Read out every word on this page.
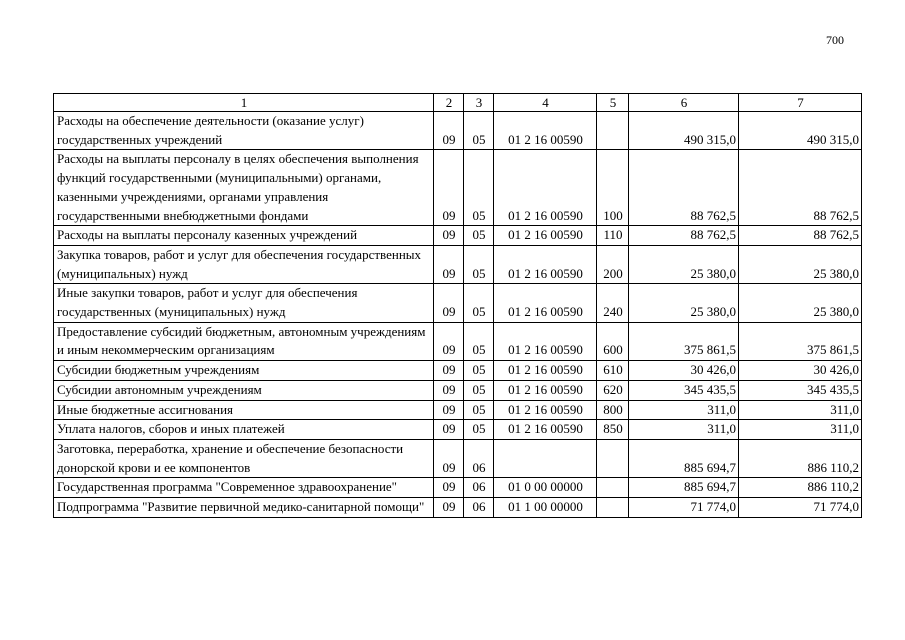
700
1	2	3	4	5	6	7
Расходы на обеспечение деятельности (оказание услуг) государственных учреждений	09	05	01 2 16 00590		490 315,0	490 315,0
Расходы на выплаты персоналу в целях обеспечения выполнения функций государственными (муниципальными) органами, казенными учреждениями, органами управления государственными внебюджетными фондами	09	05	01 2 16 00590	100	88 762,5	88 762,5
Расходы на выплаты персоналу казенных учреждений	09	05	01 2 16 00590	110	88 762,5	88 762,5
Закупка товаров, работ и услуг для обеспечения государственных (муниципальных) нужд	09	05	01 2 16 00590	200	25 380,0	25 380,0
Иные закупки товаров, работ и услуг для обеспечения государственных (муниципальных) нужд	09	05	01 2 16 00590	240	25 380,0	25 380,0
Предоставление субсидий бюджетным, автономным учреждениям и иным некоммерческим организациям	09	05	01 2 16 00590	600	375 861,5	375 861,5
Субсидии бюджетным учреждениям	09	05	01 2 16 00590	610	30 426,0	30 426,0
Субсидии автономным учреждениям	09	05	01 2 16 00590	620	345 435,5	345 435,5
Иные бюджетные ассигнования	09	05	01 2 16 00590	800	311,0	311,0
Уплата налогов, сборов и иных платежей	09	05	01 2 16 00590	850	311,0	311,0
Заготовка, переработка, хранение и обеспечение безопасности донорской крови и ее компонентов	09	06			885 694,7	886 110,2
Государственная программа "Современное здравоохранение"	09	06	01 0 00 00000		885 694,7	886 110,2
Подпрограмма "Развитие первичной медико-санитарной помощи"	09	06	01 1 00 00000		71 774,0	71 774,0
